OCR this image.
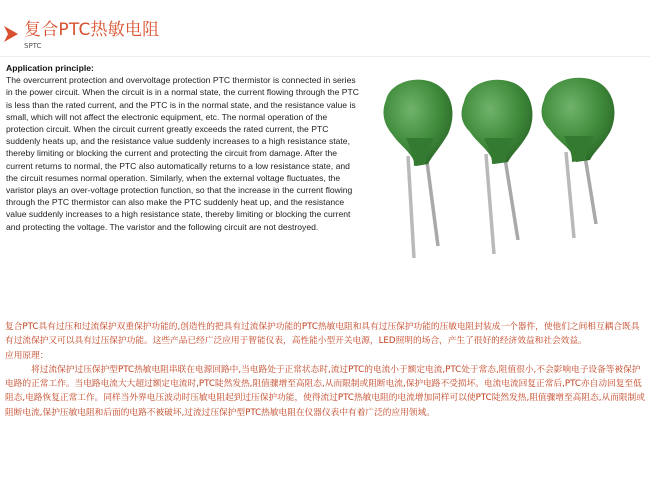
复合PTC热敏电阻
SPTC
Application principle:

The overcurrent protection and overvoltage protection PTC thermistor is connected in series in the power circuit. When the circuit is in a normal state, the current flowing through the PTC is less than the rated current, and the PTC is in the normal state, and the resistance value is small, which will not affect the electronic equipment, etc. The normal operation of the protection circuit. When the circuit current greatly exceeds the rated current, the PTC suddenly heats up, and the resistance value suddenly increases to a high resistance state, thereby limiting or blocking the current and protecting the circuit from damage. After the current returns to normal, the PTC also automatically returns to a low resistance state, and the circuit resumes normal operation. Similarly, when the external voltage fluctuates, the varistor plays an over-voltage protection function, so that the increase in the current flowing through the PTC thermistor can also make the PTC suddenly heat up, and the resistance value suddenly increases to a high resistance state, thereby limiting or blocking the current and protecting the voltage. The varistor and the following circuit are not destroyed.

复合PTC具有过压和过流保护双重保护功能的,创造性的把具有过流保护功能的PTC热敏电阻和具有过压保护功能的压敏电阻封装成一个器件，使他们之间相互耦合既具有过流保护又可以具有过压保护功能。这些产品已经广泛应用于智能仪表，高性能小型开关电源，LED照明的场合，产生了很好的经济效益和社会效益。

应用原理：

将过流保护过压保护型PTC热敏电阻串联在电源回路中,当电路处于正常状态时,流过PTC的电流小于额定电流,PTC处于常态,阻值很小,不会影响电子设备等被保护电路的正常工作。当电路电流大大超过额定电流时,PTC陡然发热,阻值骤增至高阻态,从而限制或阻断电流,保护电路不受损坏。电流电流回复正常后,PTC亦自动回复至低阻态,电路恢复正常工作。同样当外界电压波动时压敏电阻起到过压保护功能，使得流过PTC热敏电阻的电流增加同样可以使PTC陡然发热,阻值骤增至高阻态,从而限制或阻断电流,保护压敏电阻和后面的电路不被破坏,过流过压保护型PTC热敏电阻在仪器仪表中有着广泛的应用领域。
